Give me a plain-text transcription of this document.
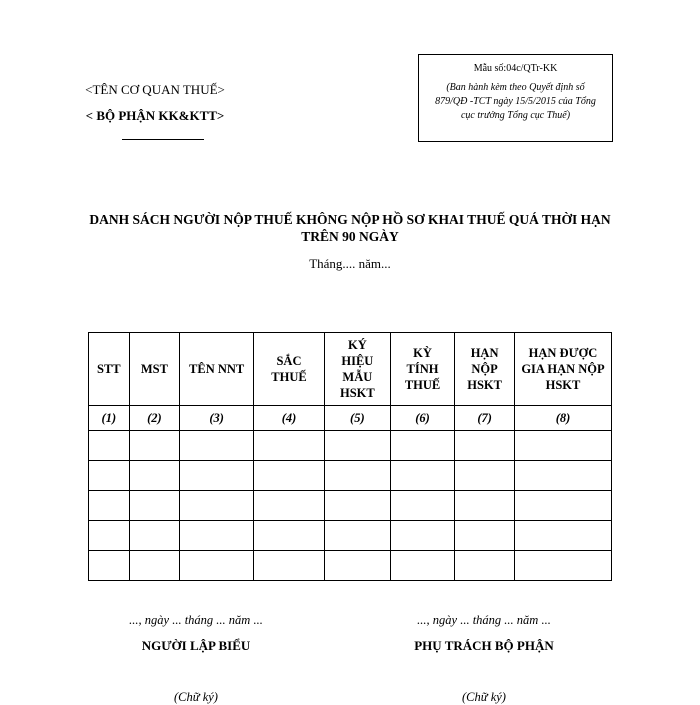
<TÊN CƠ QUAN THUẾ>
< BỘ PHẬN KK&KTT>
Mẫu số:04c/QTr-KK
(Ban hành kèm theo Quyết định số
879/QĐ -TCT ngày 15/5/2015 của Tổng cục trưởng Tổng cục Thuế)
DANH SÁCH NGƯỜI NỘP THUẾ KHÔNG NỘP HỒ SƠ KHAI THUẾ QUÁ THỜI HẠN
TRÊN 90 NGÀY
Tháng.... năm...
STT	MST	TÊN NNT	SẮC THUẾ	KÝ HIỆU MẪU HSKT	KỲ TÍNH THUẾ	HẠN NỘP HSKT	HẠN ĐƯỢC GIA HẠN NỘP HSKT
(1)	(2)	(3)	(4)	(5)	(6)	(7)	(8)

..., ngày ... tháng ... năm ...
NGƯỜI LẬP BIỂU
(Chữ ký)
..., ngày ... tháng ... năm ...
PHỤ TRÁCH BỘ PHẬN
(Chữ ký)
